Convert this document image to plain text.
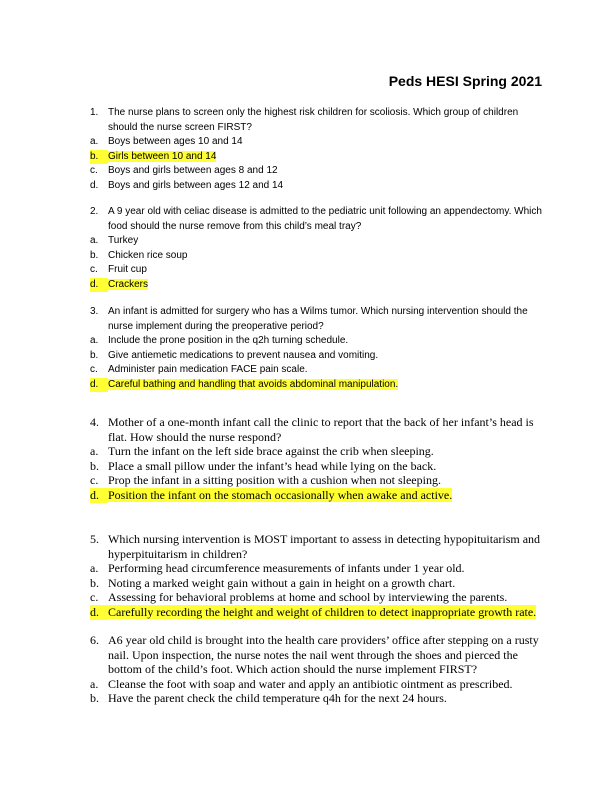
Peds HESI Spring 2021
1. The nurse plans to screen only the highest risk children for scoliosis. Which group of children should the nurse screen FIRST?
a. Boys between ages 10 and 14
b. Girls between 10 and 14
c.	Boys and girls between ages 8 and 12
d. Boys and girls between ages 12 and 14
2. A 9 year old with celiac disease is admitted to the pediatric unit following an appendectomy. Which food should the nurse remove from this child’s meal tray?
a. Turkey
b. Chicken rice soup
c.	Fruit cup
d. Crackers
3. An infant is admitted for surgery who has a Wilms tumor. Which nursing intervention should the nurse implement during the preoperative period?
a. Include the prone position in the q2h turning schedule.
b. Give antiemetic medications to prevent nausea and vomiting.
c.	Administer pain medication FACE pain scale.
d. Careful bathing and handling that avoids abdominal manipulation.
4. Mother of a one-month infant call the clinic to report that the back of her infant’s head is flat. How should the nurse respond?
a. Turn the infant on the left side brace against the crib when sleeping.
b. Place a small pillow under the infant’s head while lying on the back.
c. Prop the infant in a sitting position with a cushion when not sleeping.
d. Position the infant on the stomach occasionally when awake and active.
5. Which nursing intervention is MOST important to assess in detecting hypopituitarism and hyperpituitarism in children?
a. Performing head circumference measurements of infants under 1 year old.
b. Noting a marked weight gain without a gain in height on a growth chart.
c. Assessing for behavioral problems at home and school by interviewing the parents.
d. Carefully recording the height and weight of children to detect inappropriate growth rate.
6. A6 year old child is brought into the health care providers’ office after stepping on a rusty nail. Upon inspection, the nurse notes the nail went through the shoes and pierced the bottom of the child’s foot. Which action should the nurse implement FIRST?
a. Cleanse the foot with soap and water and apply an antibiotic ointment as prescribed.
b. Have the parent check the child temperature q4h for the next 24 hours.
